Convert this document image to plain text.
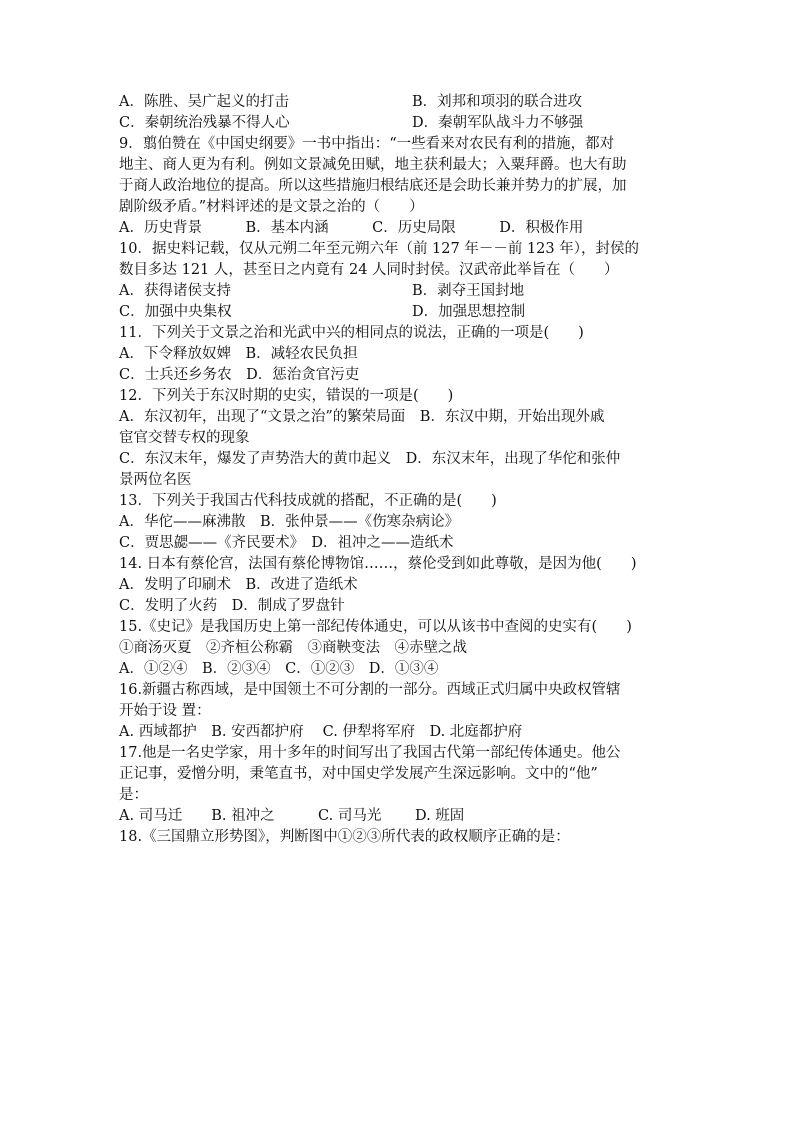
A．陈胜、吴广起义的打击	B．刘邦和项羽的联合进攻
C．秦朝统治残暴不得人心	D．秦朝军队战斗力不够强
9．翦伯赞在《中国史纲要》一书中指出：“一些看来对农民有利的措施，都对
地主、商人更为有利。例如文景减免田赋，地主获利最大；入粟拜爵。也大有助
于商人政治地位的提高。所以这些措施归根结底还是会助长兼并势力的扩展，加
剧阶级矛盾。”材料评述的是文景之治的（　　）
A．历史背景　　　B．基本内涵　　　C．历史局限　　　D．积极作用
10．据史料记载，仅从元朔二年至元朔六年（前 127 年－－前 123 年），封侯的
数目多达 121 人，甚至日之内竟有 24 人同时封侯。汉武帝此举旨在（　　）
A．获得诸侯支持	B．剥夺王国封地
C．加强中央集权	D．加强思想控制
11．下列关于文景之治和光武中兴的相同点的说法，正确的一项是(　　)
A．下令释放奴婢　B．减轻农民负担
C．士兵还乡务农　D．惩治贪官污吏
12．下列关于东汉时期的史实，错误的一项是(　　)
A．东汉初年，出现了“文景之治”的繁荣局面　B．东汉中期，开始出现外戚
宦官交替专权的现象
C．东汉末年，爆发了声势浩大的黄巾起义　D．东汉末年，出现了华佗和张仲
景两位名医
13．下列关于我国古代科技成就的搭配，不正确的是(　　)
A．华佗——麻沸散　B．张仲景——《伤寒杂病论》
C．贾思勰——《齐民要术》　D．祖冲之——造纸术
14. 日本有蔡伦宫，法国有蔡伦博物馆……，蔡伦受到如此尊敬，是因为他(　　)
A．发明了印刷术　B．改进了造纸术
C．发明了火药　D．制成了罗盘针
15.《史记》是我国历史上第一部纪传体通史，可以从该书中查阅的史实有(　　)
①商汤灭夏　②齐桓公称霸　③商鞅变法　④赤壁之战
A．①②④　B．②③④　C．①②③　D．①③④
16.新疆古称西域，是中国领土不可分割的一部分。西域正式归属中央政权管辖
开始于设 置：
A. 西域都护　B. 安西都护府　 C. 伊犁将军府　D. 北庭都护府
17.他是一名史学家，用十多年的时间写出了我国古代第一部纪传体通史。他公
正记事，爱憎分明，秉笔直书，对中国史学发展产生深远影响。文中的“他”
是：
A. 司马迁　　B. 祖冲之　　　C. 司马光　　 D. 班固
18.《三国鼎立形势图》，判断图中①②③所代表的政权顺序正确的是：
